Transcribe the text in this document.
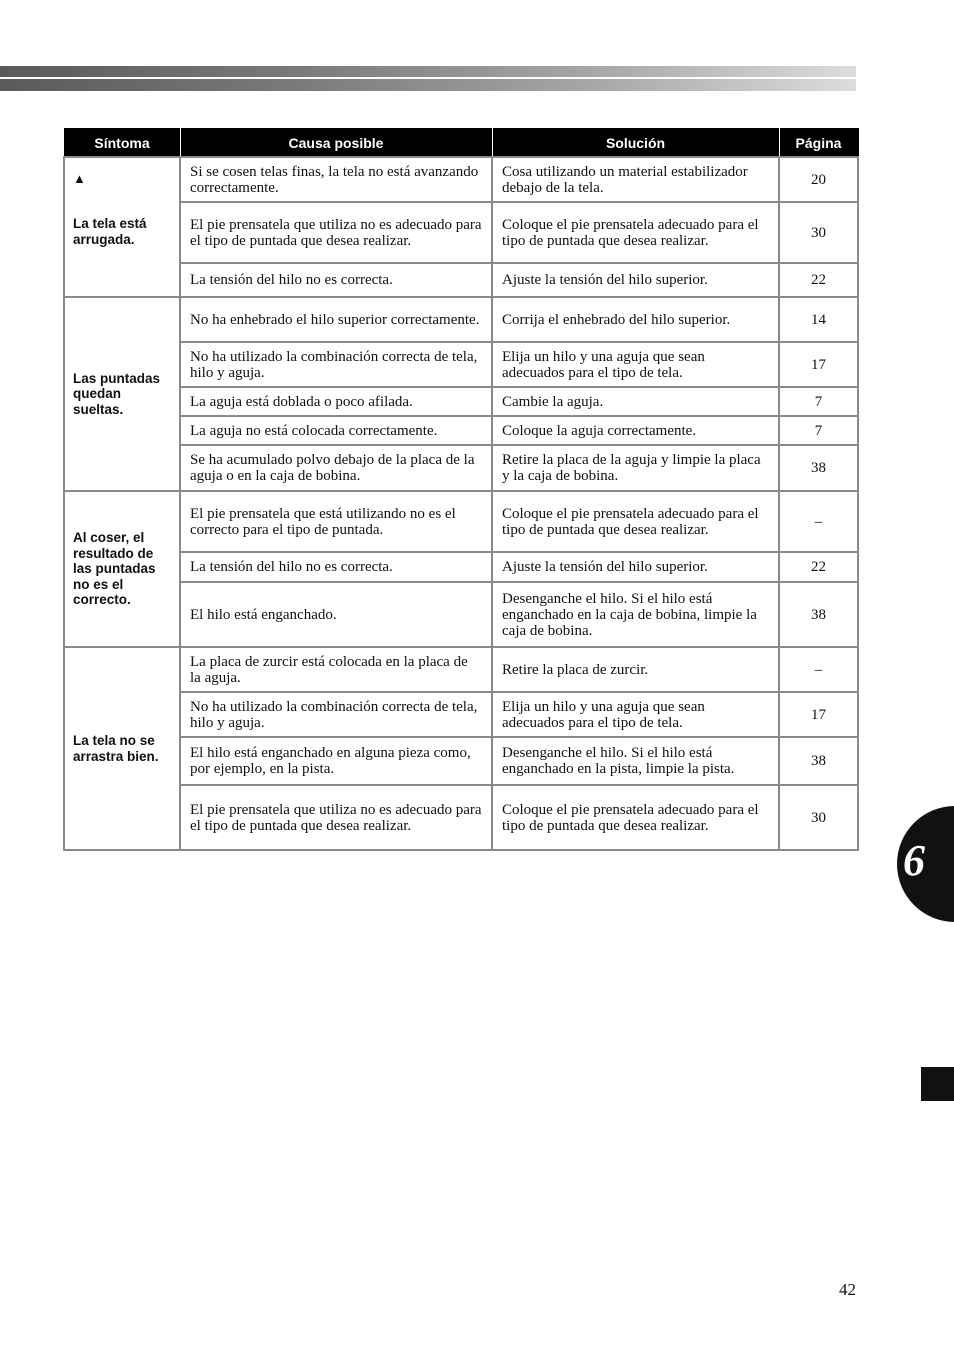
Síntoma	Causa posible	Solución	Página

▲
La tela está arrugada.	Si se cosen telas finas, la tela no está avanzando correctamente.	Cosa utilizando un material estabilizador debajo de la tela.	20
	El pie prensatela que utiliza no es adecuado para el tipo de puntada que desea realizar.	Coloque el pie prensatela adecuado para el tipo de puntada que desea realizar.	30
	La tensión del hilo no es correcta.	Ajuste la tensión del hilo superior.	22
Las puntadas quedan sueltas.	No ha enhebrado el hilo superior correctamente.	Corrija el enhebrado del hilo superior.	14
	No ha utilizado la combinación correcta de tela, hilo y aguja.	Elija un hilo y una aguja que sean adecuados para el tipo de tela.	17
	La aguja está doblada o poco afilada.	Cambie la aguja.	7
	La aguja no está colocada correctamente.	Coloque la aguja correctamente.	7
	Se ha acumulado polvo debajo de la placa de la aguja o en la caja de bobina.	Retire la placa de la aguja y limpie la placa y la caja de bobina.	38
Al coser, el resultado de las puntadas no es el correcto.	El pie prensatela que está utilizando no es el correcto para el tipo de puntada.	Coloque el pie prensatela adecuado para el tipo de puntada que desea realizar.	–
	La tensión del hilo no es correcta.	Ajuste la tensión del hilo superior.	22
	El hilo está enganchado.	Desenganche el hilo. Si el hilo está enganchado en la caja de bobina, limpie la caja de bobina.	38
La tela no se arrastra bien.	La placa de zurcir está colocada en la placa de la aguja.	Retire la placa de zurcir.	–
	No ha utilizado la combinación correcta de tela, hilo y aguja.	Elija un hilo y una aguja que sean adecuados para el tipo de tela.	17
	El hilo está enganchado en alguna pieza como, por ejemplo, en la pista.	Desenganche el hilo. Si el hilo está enganchado en la pista, limpie la pista.	38
	El pie prensatela que utiliza no es adecuado para el tipo de puntada que desea realizar.	Coloque el pie prensatela adecuado para el tipo de puntada que desea realizar.	30
6
42
